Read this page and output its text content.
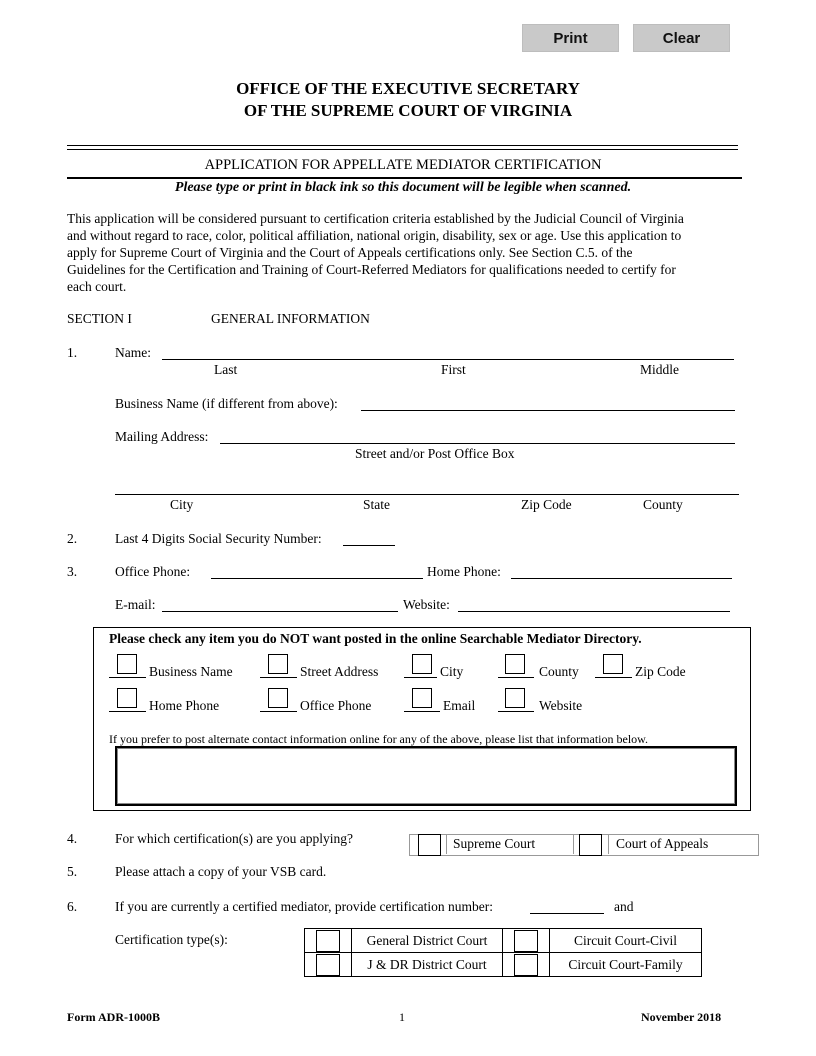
Print	Clear
OFFICE OF THE EXECUTIVE SECRETARY
OF THE SUPREME COURT OF VIRGINIA
APPLICATION FOR APPELLATE MEDIATOR CERTIFICATION
Please type or print in black ink so this document will be legible when scanned.
This application will be considered pursuant to certification criteria established by the Judicial Council of Virginia
and without regard to race, color, political affiliation, national origin, disability, sex or age. Use this application to
apply for Supreme Court of Virginia and the Court of Appeals certifications only. See Section C.5. of the
Guidelines for the Certification and Training of Court-Referred Mediators for qualifications needed to certify for
each court.
SECTION I	GENERAL INFORMATION
1.	Name:
Last	First	Middle
Business Name (if different from above):
Mailing Address:
Street and/or Post Office Box
City	State	Zip Code	County
2.	Last 4 Digits Social Security Number:
3.	Office Phone:	Home Phone:
E-mail:	Website:
Please check any item you do NOT want posted in the online Searchable Mediator Directory.
Business Name	Street Address	City	County	Zip Code
Home Phone	Office Phone	Email	Website
If you prefer to post alternate contact information online for any of the above, please list that information below.
4.	For which certification(s) are you applying?	Supreme Court	Court of Appeals
5.	Please attach a copy of your VSB card.
6.	If you are currently a certified mediator, provide certification number:	and
Certification type(s):
		General District Court		Circuit Court-Civil

	J & DR District Court		Circuit Court-Family
Form ADR-1000B	1	November 2018
